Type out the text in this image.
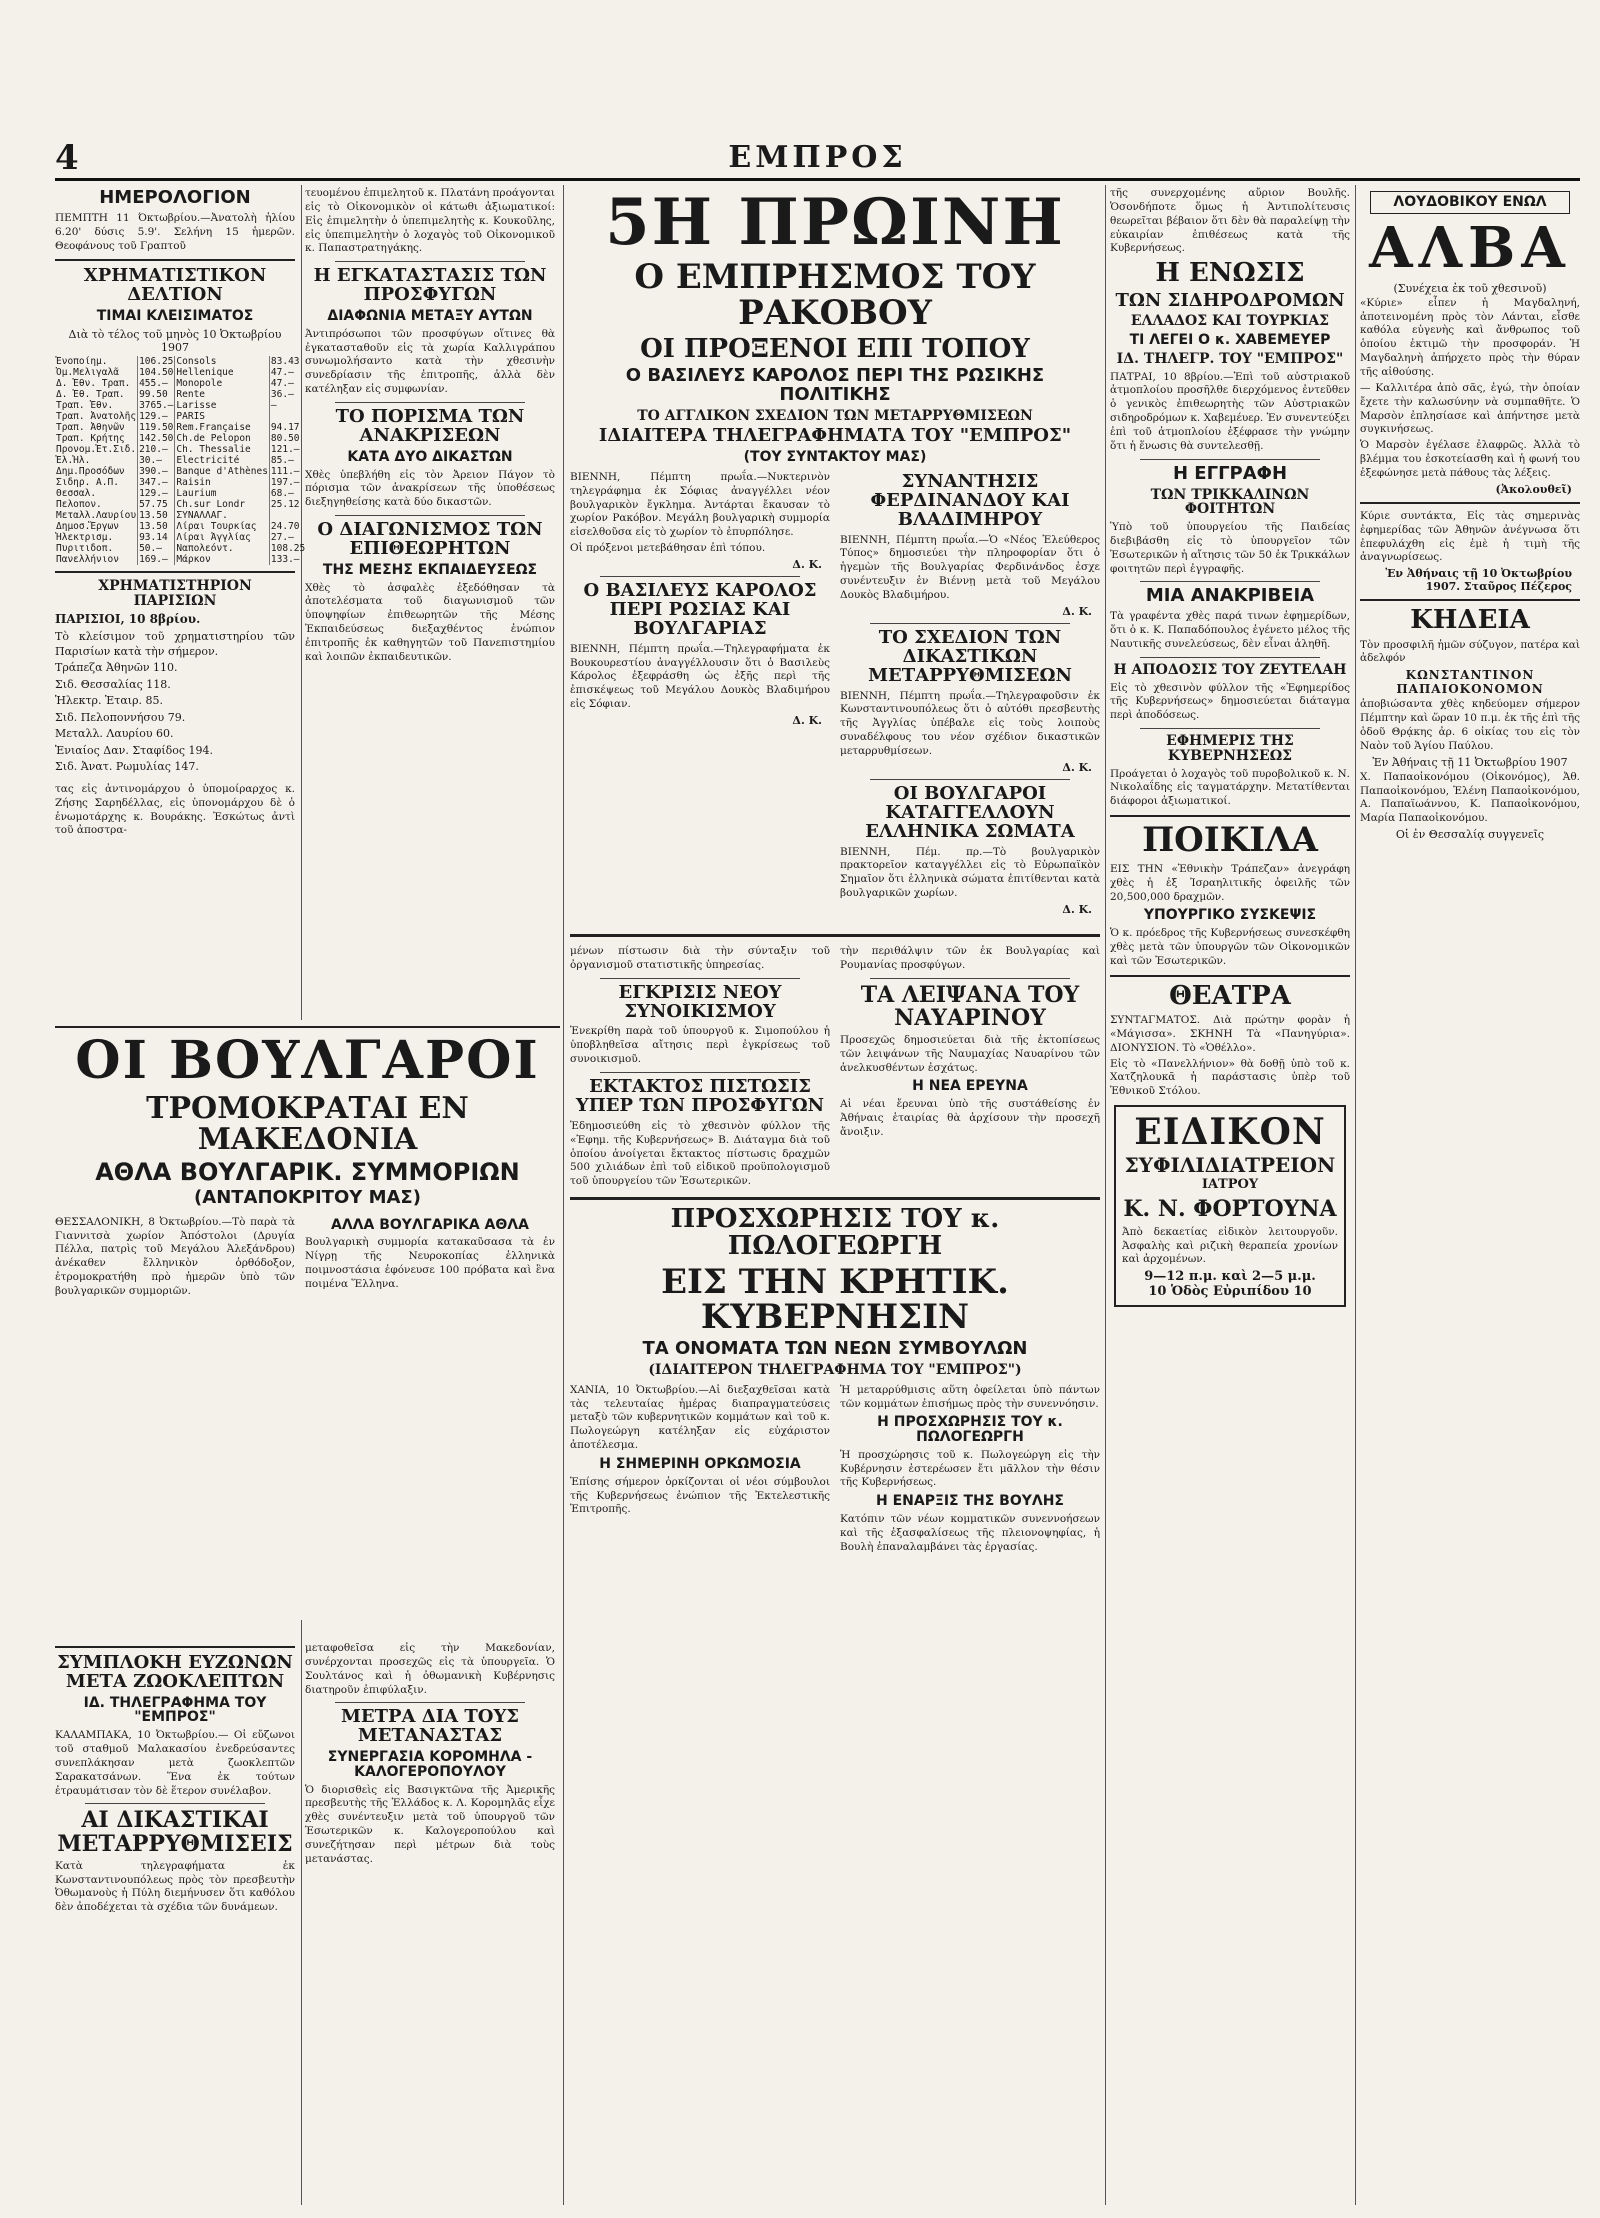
4	ΕΜΠΡΟΣ
ΗΜΕΡΟΛΟΓΙΟΝ
ΠΕΜΠΤΗ 11 Όκτωβρίου.—Ἀνατολὴ ἡλίου 6.20' δύσις 5.9'. Σελήνη 15 ἡμερῶν. Θεοφάνους τοῦ Γραπτοῦ
ΧΡΗΜΑΤΙΣΤΙΚΟΝ ΔΕΛΤΙΟΝ
ΤΙΜΑΙ ΚΛΕΙΣΙΜΑΤΟΣ
Διὰ τὸ τέλος τοῦ μηνὸς 10 Ὀκτωβρίου 1907
Ἑνοποίημ.	106.25	Consols	83.43
Ὀμ.Μελιγαλᾶ	104.50	Hellenique	47.—
Δ. Ἐθν. Τραπ.	455.—	Monopole	47.—
Δ. Ἐθ. Τραπ.	99.50	Rente	36.—
Τραπ. Ἐθν.	3765.—	Larisse	—
Τραπ. Ἀνατολῆς	129.—	PARIS	
Τραπ. Ἀθηνῶν	119.50	Rem.Française	94.17
Τραπ. Κρήτης	142.50	Ch.de Pelopon	80.50
Προνομ.Ἐτ.Σιδ.	210.—	Ch. Thessalie	121.—
Ἑλ.Ἠλ.	30.—	Electricité	85.—
Δημ.Προσόδων	390.—	Banque d'Athènes	111.—
Σιδηρ. Α.Π.	347.—	Raisin	197.—
Θεσσαλ.	129.—	Laurium	68.—
Πελοπον.	57.75	Ch.sur Londr	25.12
Μεταλλ.Λαυρίου	13.50	ΣΥΝΑΛΛΑΓ.	
Δημοσ.Ἔργων	13.50	Λίραι Τουρκίας	24.70
Ἠλεκτρισμ.	93.14	Λίραι Ἀγγλίας	27.—
Πυριτιδοπ.	50.—	Ναπολεόντ.	108.25
Πανελλήνιον	169.—	Μάρκον	133.—
ΧΡΗΜΑΤΙΣΤΗΡΙΟΝ ΠΑΡΙΣΙΩΝ
ΠΑΡΙΣΙΟΙ, 10 8βρίου.
Τὸ κλείσιμον τοῦ χρηματιστηρίου τῶν Παρισίων κατὰ τὴν σήμερον.
Τράπεζα Ἀθηνῶν 110.
Σιδ. Θεσσαλίας 118.
Ἡλεκτρ. Ἑταιρ. 85.
Σιδ. Πελοποννήσου 79.
Μεταλλ. Λαυρίου 60.
Ἑνιαίος Δαν. Σταφίδος 194.
Σιδ. Ἀνατ. Ρωμυλίας 147.
τας εἰς ἀντινομάρχου ὁ ὑπομοίραρχος κ. Ζήσης Σαρηδέλλας, εἰς ὑπονομάρχου δὲ ὁ ἐνωμοτάρχης κ. Βουράκης. Ἐσκώτως ἀντὶ τοῦ ἀποστρα-
τευομένου ἐπιμελητοῦ κ. Πλατάνη προάγονται εἰς τὸ Οἰκονομικὸν οἱ κάτωθι ἀξιωματικοί: Εἰς ἐπιμελητὴν ὁ ὑπεπιμελητὴς κ. Κουκοῦλης, εἰς ὑπεπιμελητὴν ὁ λοχαγὸς τοῦ Οἰκονομικοῦ κ. Παπαστρατηγάκης.
Η ΕΓΚΑΤΑΣΤΑΣΙΣ ΤΩΝ ΠΡΟΣΦΥΓΩΝ
ΔΙΑΦΩΝΙΑ ΜΕΤΑΞΥ ΑΥΤΩΝ
Ἀντιπρόσωποι τῶν προσφύγων οἵτινες θὰ ἐγκατασταθοῦν εἰς τὰ χωρία Καλλιγράπου συνωμολήσαντο κατὰ τὴν χθεσινὴν συνεδρίασιν τῆς ἐπιτροπῆς, ἀλλὰ δὲν κατέληξαν εἰς συμφωνίαν.
ΤΟ ΠΟΡΙΣΜΑ ΤΩΝ ΑΝΑΚΡΙΣΕΩΝ
ΚΑΤΑ ΔΥΟ ΔΙΚΑΣΤΩΝ
Χθὲς ὑπεβλήθη εἰς τὸν Ἀρειον Πάγον τὸ πόρισμα τῶν ἀνακρίσεων τῆς ὑποθέσεως διεξηγηθείσης κατὰ δύο δικαστῶν.
Ο ΔΙΑΓΩΝΙΣΜΟΣ ΤΩΝ ΕΠΙΘΕΩΡΗΤΩΝ
ΤΗΣ ΜΕΣΗΣ ΕΚΠΑΙΔΕΥΣΕΩΣ
Χθὲς τὸ ἀσφαλὲς ἐξεδόθησαν τὰ ἀποτελέσματα τοῦ διαγωνισμοῦ τῶν ὑποψηφίων ἐπιθεωρητῶν τῆς Μέσης Ἐκπαιδεύσεως διεξαχθέντος ἐνώπιον ἐπιτροπῆς ἐκ καθηγητῶν τοῦ Πανεπιστημίου καὶ λοιπῶν ἐκπαιδευτικῶν.
ΟΙ ΒΟΥΛΓΑΡΟΙ
ΤΡΟΜΟΚΡΑΤΑΙ ΕΝ ΜΑΚΕΔΟΝΙΑ
ΑΘΛΑ ΒΟΥΛΓΑΡΙΚ. ΣΥΜΜΟΡΙΩΝ
(ΑΝΤΑΠΟΚΡΙΤΟΥ ΜΑΣ)
ΘΕΣΣΑΛΟΝΙΚΗ, 8 Ὀκτωβρίου.—Τὸ παρὰ τὰ Γιαννιτσὰ χωρίον Ἀπόστολοι (Δρυγία Πέλλα, πατρὶς τοῦ Μεγάλου Ἀλεξάνδρου) ἀνέκαθεν ἔλληνικὸν ὀρθόδοξον, ἐτρομοκρατήθη πρὸ ἡμερῶν ὑπὸ τῶν βουλγαρικῶν συμμοριῶν.
ΑΛΛΑ ΒΟΥΛΓΑΡΙΚΑ ΑΘΛΑ
Βουλγαρικὴ συμμορία κατακαῦσασα τὰ ἐν Νίγρῃ τῆς Νευροκοπίας ἑλληνικὰ ποιμνοστάσια ἐφόνευσε 100 πρόβατα καὶ ἓνα ποιμένα Ἕλληνα.
ΣΥΜΠΛΟΚΗ ΕΥΖΩΝΩΝ ΜΕΤΑ ΖΩΟΚΛΕΠΤΩΝ
ΙΔ. ΤΗΛΕΓΡΑΦΗΜΑ ΤΟΥ "ΕΜΠΡΟΣ"
ΚΑΛΑΜΠΑΚΑ, 10 Ὀκτωβρίου.— Οἱ εὔζωνοι τοῦ σταθμοῦ Μαλακασίου ἐνεδρεύσαντες συνεπλάκησαν μετὰ ζωοκλεπτῶν Σαρακατσάνων. Ἕνα ἐκ τούτων ἐτραυμάτισαν τὸν δὲ ἕτερον συνέλαβον.
ΑΙ ΔΙΚΑΣΤΙΚΑΙ ΜΕΤΑΡΡΥΘΜΙΣΕΙΣ
Κατὰ τηλεγραφήματα ἐκ Κωνσταντινουπόλεως πρὸς τὸν πρεσβευτὴν Ὀθωμανοὺς ἡ Πύλη διεμήνυσεν ὅτι καθόλου δὲν ἀποδέχεται τὰ σχέδια τῶν δυνάμεων.
μεταφοθεῖσα εἰς τὴν Μακεδονίαν, συνέρχονται προσεχῶς εἰς τὰ ὑπουργεῖα. Ὁ Σουλτάνος καὶ ἡ ὀθωμανικὴ Κυβέρνησις διατηροῦν ἐπιφύλαξιν.
ΜΕΤΡΑ ΔΙΑ ΤΟΥΣ ΜΕΤΑΝΑΣΤΑΣ
ΣΥΝΕΡΓΑΣΙΑ ΚΟΡΟΜΗΛΑ - ΚΑΛΟΓΕΡΟΠΟΥΛΟΥ
Ὁ διορισθεὶς εἰς Βασιγκτῶνα τῆς Ἀμερικῆς πρεσβευτὴς τῆς Ἑλλάδος κ. Λ. Κορομηλᾶς εἶχε χθὲς συνέντευξιν μετὰ τοῦ ὑπουργοῦ τῶν Ἐσωτερικῶν κ. Καλογεροπούλου καὶ συνεζήτησαν περὶ μέτρων διὰ τοὺς μετανάστας.
5Η ΠΡΩΙΝΗ
Ο ΕΜΠΡΗΣΜΟΣ ΤΟΥ ΡΑΚΟΒΟΥ
ΟΙ ΠΡΟΞΕΝΟΙ ΕΠΙ ΤΟΠΟΥ
Ο ΒΑΣΙΛΕΥΣ ΚΑΡΟΛΟΣ ΠΕΡΙ ΤΗΣ ΡΩΣΙΚΗΣ ΠΟΛΙΤΙΚΗΣ
ΤΟ ΑΓΓΛΙΚΟΝ ΣΧΕΔΙΟΝ ΤΩΝ ΜΕΤΑΡΡΥΘΜΙΣΕΩΝ
ΙΔΙΑΙΤΕΡΑ ΤΗΛΕΓΡΑΦΗΜΑΤΑ ΤΟΥ "ΕΜΠΡΟΣ"
(ΤΟΥ ΣΥΝΤΑΚΤΟΥ ΜΑΣ)
ΒΙΕΝΝΗ, Πέμπτη πρωΐα.—Νυκτερινὸν τηλεγράφημα ἐκ Σόφιας ἀναγγέλλει νέον βουλγαρικὸν ἔγκλημα. Ἀντάρται ἔκαυσαν τὸ χωρίον Ρακόβον. Μεγάλη βουλγαρικὴ συμμορία εἰσελθοῦσα εἰς τὸ χωρίον τὸ ἐπυρπόλησε.
Οἱ πρόξενοι μετεβάθησαν ἐπὶ τόπου.
Δ. Κ.
Ο ΒΑΣΙΛΕΥΣ ΚΑΡΟΛΟΣ ΠΕΡΙ ΡΩΣΙΑΣ ΚΑΙ ΒΟΥΛΓΑΡΙΑΣ
ΒΙΕΝΝΗ, Πέμπτη πρωΐα.—Τηλεγραφήματα ἐκ Βουκουρεστίου ἀναγγέλλουσιν ὅτι ὁ Βασιλεὺς Κάρολος ἐξεφράσθη ὡς ἑξῆς περὶ τῆς ἐπισκέψεως τοῦ Μεγάλου Δουκὸς Βλαδιμήρου εἰς Σόφιαν.
Δ. Κ.
ΣΥΝΑΝΤΗΣΙΣ ΦΕΡΔΙΝΑΝΔΟΥ ΚΑΙ ΒΛΑΔΙΜΗΡΟΥ
ΒΙΕΝΝΗ, Πέμπτη πρωΐα.—Ὁ «Νέος Ἐλεύθερος Τύπος» δημοσιεύει τὴν πληροφορίαν ὅτι ὁ ἡγεμὼν τῆς Βουλγαρίας Φερδινάνδος ἐσχε συνέντευξιν ἐν Βιέννῃ μετὰ τοῦ Μεγάλου Δουκὸς Βλαδιμήρου.
Δ. Κ.
ΤΟ ΣΧΕΔΙΟΝ ΤΩΝ ΔΙΚΑΣΤΙΚΩΝ ΜΕΤΑΡΡΥΘΜΙΣΕΩΝ
ΒΙΕΝΝΗ, Πέμπτη πρωΐα.—Τηλεγραφοῦσιν ἐκ Κωνσταντινουπόλεως ὅτι ὁ αὐτόθι πρεσβευτὴς τῆς Ἀγγλίας ὑπέβαλε εἰς τοὺς λοιποὺς συναδέλφους του νέον σχέδιον δικαστικῶν μεταρρυθμίσεων.
Δ. Κ.
ΟΙ ΒΟΥΛΓΑΡΟΙ ΚΑΤΑΓΓΕΛΛΟΥΝ ΕΛΛΗΝΙΚΑ ΣΩΜΑΤΑ
ΒΙΕΝΝΗ, Πέμ. πρ.—Τὸ βουλγαρικὸν πρακτορεῖον καταγγέλλει εἰς τὸ Εὐρωπαϊκὸν Σημαῖον ὅτι ἑλληνικὰ σώματα ἐπιτίθενται κατὰ βουλγαρικῶν χωρίων.
Δ. Κ.
μένων πίστωσιν διὰ τὴν σύνταξιν τοῦ ὀργανισμοῦ στατιστικῆς ὑπηρεσίας.
ΕΓΚΡΙΣΙΣ ΝΕΟΥ ΣΥΝΟΙΚΙΣΜΟΥ
Ἐνεκρίθη παρὰ τοῦ ὑπουργοῦ κ. Σιμοπούλου ἡ ὑποβληθεῖσα αἴτησις περὶ ἐγκρίσεως τοῦ συνοικισμοῦ.
ΕΚΤΑΚΤΟΣ ΠΙΣΤΩΣΙΣ ΥΠΕΡ ΤΩΝ ΠΡΟΣΦΥΓΩΝ
Ἐδημοσιεύθη εἰς τὸ χθεσινὸν φύλλον τῆς «Ἐφημ. τῆς Κυβερνήσεως» Β. Διάταγμα διὰ τοῦ ὁποίου ἀνοίγεται ἔκτακτος πίστωσις δραχμῶν 500 χιλιάδων ἐπὶ τοῦ εἰδικοῦ προϋπολογισμοῦ τοῦ ὑπουργείου τῶν Ἐσωτερικῶν.
τὴν περιθάλψιν τῶν ἐκ Βουλγαρίας καὶ Ρουμανίας προσφύγων.
ΤΑ ΛΕΙΨΑΝΑ ΤΟΥ ΝΑΥΑΡΙΝΟΥ
Προσεχῶς δημοσιεύεται διὰ τῆς ἐκτοπίσεως τῶν λειψάνων τῆς Ναυμαχίας Ναυαρίνου τῶν ἀνελκυσθέντων ἐσχάτως.
Η ΝΕΑ ΕΡΕΥΝΑ
Αἱ νέαι ἔρευναι ὑπὸ τῆς συστάθείσης ἐν Ἀθήναις ἑταιρίας θὰ ἀρχίσουν τὴν προσεχῆ ἄνοιξιν.
ΠΡΟΣΧΩΡΗΣΙΣ ΤΟΥ κ. ΠΩΛΟΓΕΩΡΓΗ
ΕΙΣ ΤΗΝ ΚΡΗΤΙΚ. ΚΥΒΕΡΝΗΣΙΝ
ΤΑ ΟΝΟΜΑΤΑ ΤΩΝ ΝΕΩΝ ΣΥΜΒΟΥΛΩΝ
(ΙΔΙΑΙΤΕΡΟΝ ΤΗΛΕΓΡΑΦΗΜΑ ΤΟΥ "ΕΜΠΡΟΣ")
ΧΑΝΙΑ, 10 Ὀκτωβρίου.—Αἱ διεξαχθεῖσαι κατὰ τὰς τελευταίας ἡμέρας διαπραγματεύσεις μεταξὺ τῶν κυβερνητικῶν κομμάτων καὶ τοῦ κ. Πωλογεώργη κατέληξαν εἰς εὐχάριστον ἀποτέλεσμα.
Η ΣΗΜΕΡΙΝΗ ΟΡΚΩΜΟΣΙΑ
Ἐπίσης σήμερον ὁρκίζονται οἱ νέοι σύμβουλοι τῆς Κυβερνήσεως ἐνώπιον τῆς Ἐκτελεστικῆς Ἐπιτροπῆς.
Ἡ μεταρρύθμισις αὕτη ὀφείλεται ὑπὸ πάντων τῶν κομμάτων ἐπισήμως πρὸς τὴν συνεννόησιν.
Η ΠΡΟΣΧΩΡΗΣΙΣ ΤΟΥ κ. ΠΩΛΟΓΕΩΡΓΗ
Ἡ προσχώρησις τοῦ κ. Πωλογεώργη εἰς τὴν Κυβέρνησιν ἐστερέωσεν ἔτι μᾶλλον τὴν θέσιν τῆς Κυβερνήσεως.
Η ΕΝΑΡΞΙΣ ΤΗΣ ΒΟΥΛΗΣ
Κατόπιν τῶν νέων κομματικῶν συνεννοήσεων καὶ τῆς ἐξασφαλίσεως τῆς πλειονοψηφίας, ἡ Βουλὴ ἐπαναλαμβάνει τὰς ἐργασίας.
τῆς συνερχομένης αὔριον Βουλῆς. Ὁσονδήποτε ὅμως ἡ Ἀντιπολίτευσις θεωρεῖται βέβαιον ὅτι δὲν θὰ παραλείψῃ τὴν εὐκαιρίαν ἐπιθέσεως κατὰ τῆς Κυβερνήσεως.
Η ΕΝΩΣΙΣ
ΤΩΝ ΣΙΔΗΡΟΔΡΟΜΩΝ
ΕΛΛΑΔΟΣ ΚΑΙ ΤΟΥΡΚΙΑΣ
ΤΙ ΛΕΓΕΙ Ο κ. ΧΑΒΕΜΕΥΕΡ
ΙΔ. ΤΗΛΕΓΡ. ΤΟΥ "ΕΜΠΡΟΣ"
ΠΑΤΡΑΙ, 10 8βρίου.—Ἐπὶ τοῦ αὐστριακοῦ ἀτμοπλοίου προσῆλθε διερχόμενος ἐντεῦθεν ὁ γενικὸς ἐπιθεωρητὴς τῶν Αὐστριακῶν σιδηροδρόμων κ. Χαβεμέυερ. Ἐν συνεντεύξει ἐπὶ τοῦ ἀτμοπλοίου ἐξέφρασε τὴν γνώμην ὅτι ἡ ἕνωσις θὰ συντελεσθῇ.
Η ΕΓΓΡΑΦΗ
ΤΩΝ ΤΡΙΚΚΑΛΙΝΩΝ ΦΟΙΤΗΤΩΝ
Ὑπὸ τοῦ ὑπουργείου τῆς Παιδείας διεβιβάσθη εἰς τὸ ὑπουργεῖον τῶν Ἐσωτερικῶν ἡ αἴτησις τῶν 50 ἐκ Τρικκάλων φοιτητῶν περὶ ἐγγραφῆς.
ΜΙΑ ΑΝΑΚΡΙΒΕΙΑ
Τὰ γραφέντα χθὲς παρά τινων ἐφημερίδων, ὅτι ὁ κ. Κ. Παπαδόπουλος ἐγένετο μέλος τῆς Ναυτικῆς συνελεύσεως, δὲν εἶναι ἀληθῆ.
Η ΑΠΟΔΟΣΙΣ ΤΟΥ ΖΕΥΤΕΛΑΗ
Εἰς τὸ χθεσινὸν φύλλον τῆς «Ἐφημερίδος τῆς Κυβερνήσεως» δημοσιεύεται διάταγμα περὶ ἀποδόσεως.
ΕΦΗΜΕΡΙΣ ΤΗΣ ΚΥΒΕΡΝΗΣΕΩΣ
Προάγεται ὁ λοχαγὸς τοῦ πυροβολικοῦ κ. Ν. Νικολαΐδης εἰς ταγματάρχην. Μετατίθενται διάφοροι ἀξιωματικοί.
ΠΟΙΚΙΛΑ
ΕΙΣ ΤΗΝ «Ἐθνικὴν Τράπεζαν» ἀνεγράφη χθὲς ἡ ἐξ Ἰσραηλιτικῆς ὀφειλῆς τῶν 20,500,000 δραχμῶν.
ΥΠΟΥΡΓΙΚΟ ΣΥΣΚΕΨΙΣ
Ὁ κ. πρόεδρος τῆς Κυβερνήσεως συνεσκέφθη χθὲς μετὰ τῶν ὑπουργῶν τῶν Οἰκονομικῶν καὶ τῶν Ἐσωτερικῶν.
ΘΕΑΤΡΑ
ΣΥΝΤΑΓΜΑΤΟΣ. Διὰ πρώτην φορὰν ἡ «Μάγισσα». ΣΚΗΝΗ Τὰ «Πανηγύρια». ΔΙΟΝΥΣΙΟΝ. Τὸ «Ὁθέλλο».
Εἰς τὸ «Πανελλήνιον» θὰ δοθῇ ὑπὸ τοῦ κ. Χατζηλουκᾶ ἡ παράστασις ὑπὲρ τοῦ Ἐθνικοῦ Στόλου.
ΕΙΔΙΚΟΝ
ΣΥΦΙΛΙΔΙΑΤΡΕΙΟΝ
ΙΑΤΡΟΥ
Κ. Ν. ΦΟΡΤΟΥΝΑ
Ἀπὸ δεκαετίας εἰδικὸν λειτουργοῦν. Ἀσφαλὴς καὶ ριζικὴ θεραπεία χρονίων καὶ ἀρχομένων.
9—12 π.μ. καὶ 2—5 μ.μ.
10 Ὁδὸς Εὐριπίδου 10
ΛΟΥΔΟΒΙΚΟΥ ΕΝΩΛ
ΑΛΒΑ
(Συνέχεια ἐκ τοῦ χθεσινοῦ)
«Κύριε» εἶπεν ἡ Μαγδαληνή, ἀποτεινομένη πρὸς τὸν Λάνται, εἶσθε καθόλα εὐγενὴς καὶ ἄνθρωπος τοῦ ὁποίου ἐκτιμῶ τὴν προσφοράν. Ἡ Μαγδαληνὴ ἀπήρχετο πρὸς τὴν θύραν τῆς αἰθούσης.
— Καλλιτέρα ἀπὸ σᾶς, ἐγώ, τὴν ὁποίαν ἔχετε τὴν καλωσύνην νὰ συμπαθῆτε. Ὁ Μαρσὸν ἐπλησίασε καὶ ἀπήντησε μετὰ συγκινήσεως.
Ὁ Μαρσὸν ἐγέλασε ἐλαφρῶς. Ἀλλὰ τὸ βλέμμα του ἐσκοτείασθη καὶ ἡ φωνή του ἐξεφώνησε μετὰ πάθους τὰς λέξεις.
(Ἀκολουθεῖ)
Κύριε συντάκτα, Εἰς τὰς σημερινὰς ἐφημερίδας τῶν Ἀθηνῶν ἀνέγνωσα ὅτι ἐπεφυλάχθη εἰς ἐμὲ ἡ τιμὴ τῆς ἀναγνωρίσεως.
Ἐν Ἀθήναις τῇ 10 Ὀκτωβρίου 1907. Σταῦρος Πέζερος
ΚΗΔΕΙΑ
Τὸν προσφιλῆ ἡμῶν σύζυγον, πατέρα καὶ ἀδελφόν
ΚΩΝΣΤΑΝΤΙΝΟΝ ΠΑΠΑΙΟΚΟΝΟΜΟΝ
ἀποβιώσαντα χθὲς κηδεύομεν σήμερον Πέμπτην καὶ ὥραν 10 π.μ. ἐκ τῆς ἐπὶ τῆς ὁδοῦ Θρᾴκης ἀρ. 6 οἰκίας του εἰς τὸν Ναὸν τοῦ Ἁγίου Παύλου.
Ἐν Ἀθήναις τῇ 11 Ὀκτωβρίου 1907
Χ. Παπαοἰκονόμου (Οἰκονόμος), Ἀθ. Παπαοἰκονόμου, Ἑλένη Παπαοἰκονόμου, Α. Παπαϊωάννου, Κ. Παπαοἰκονόμου, Μαρία Παπαοἰκονόμου.
Οἱ ἐν Θεσσαλίᾳ συγγενεῖς
